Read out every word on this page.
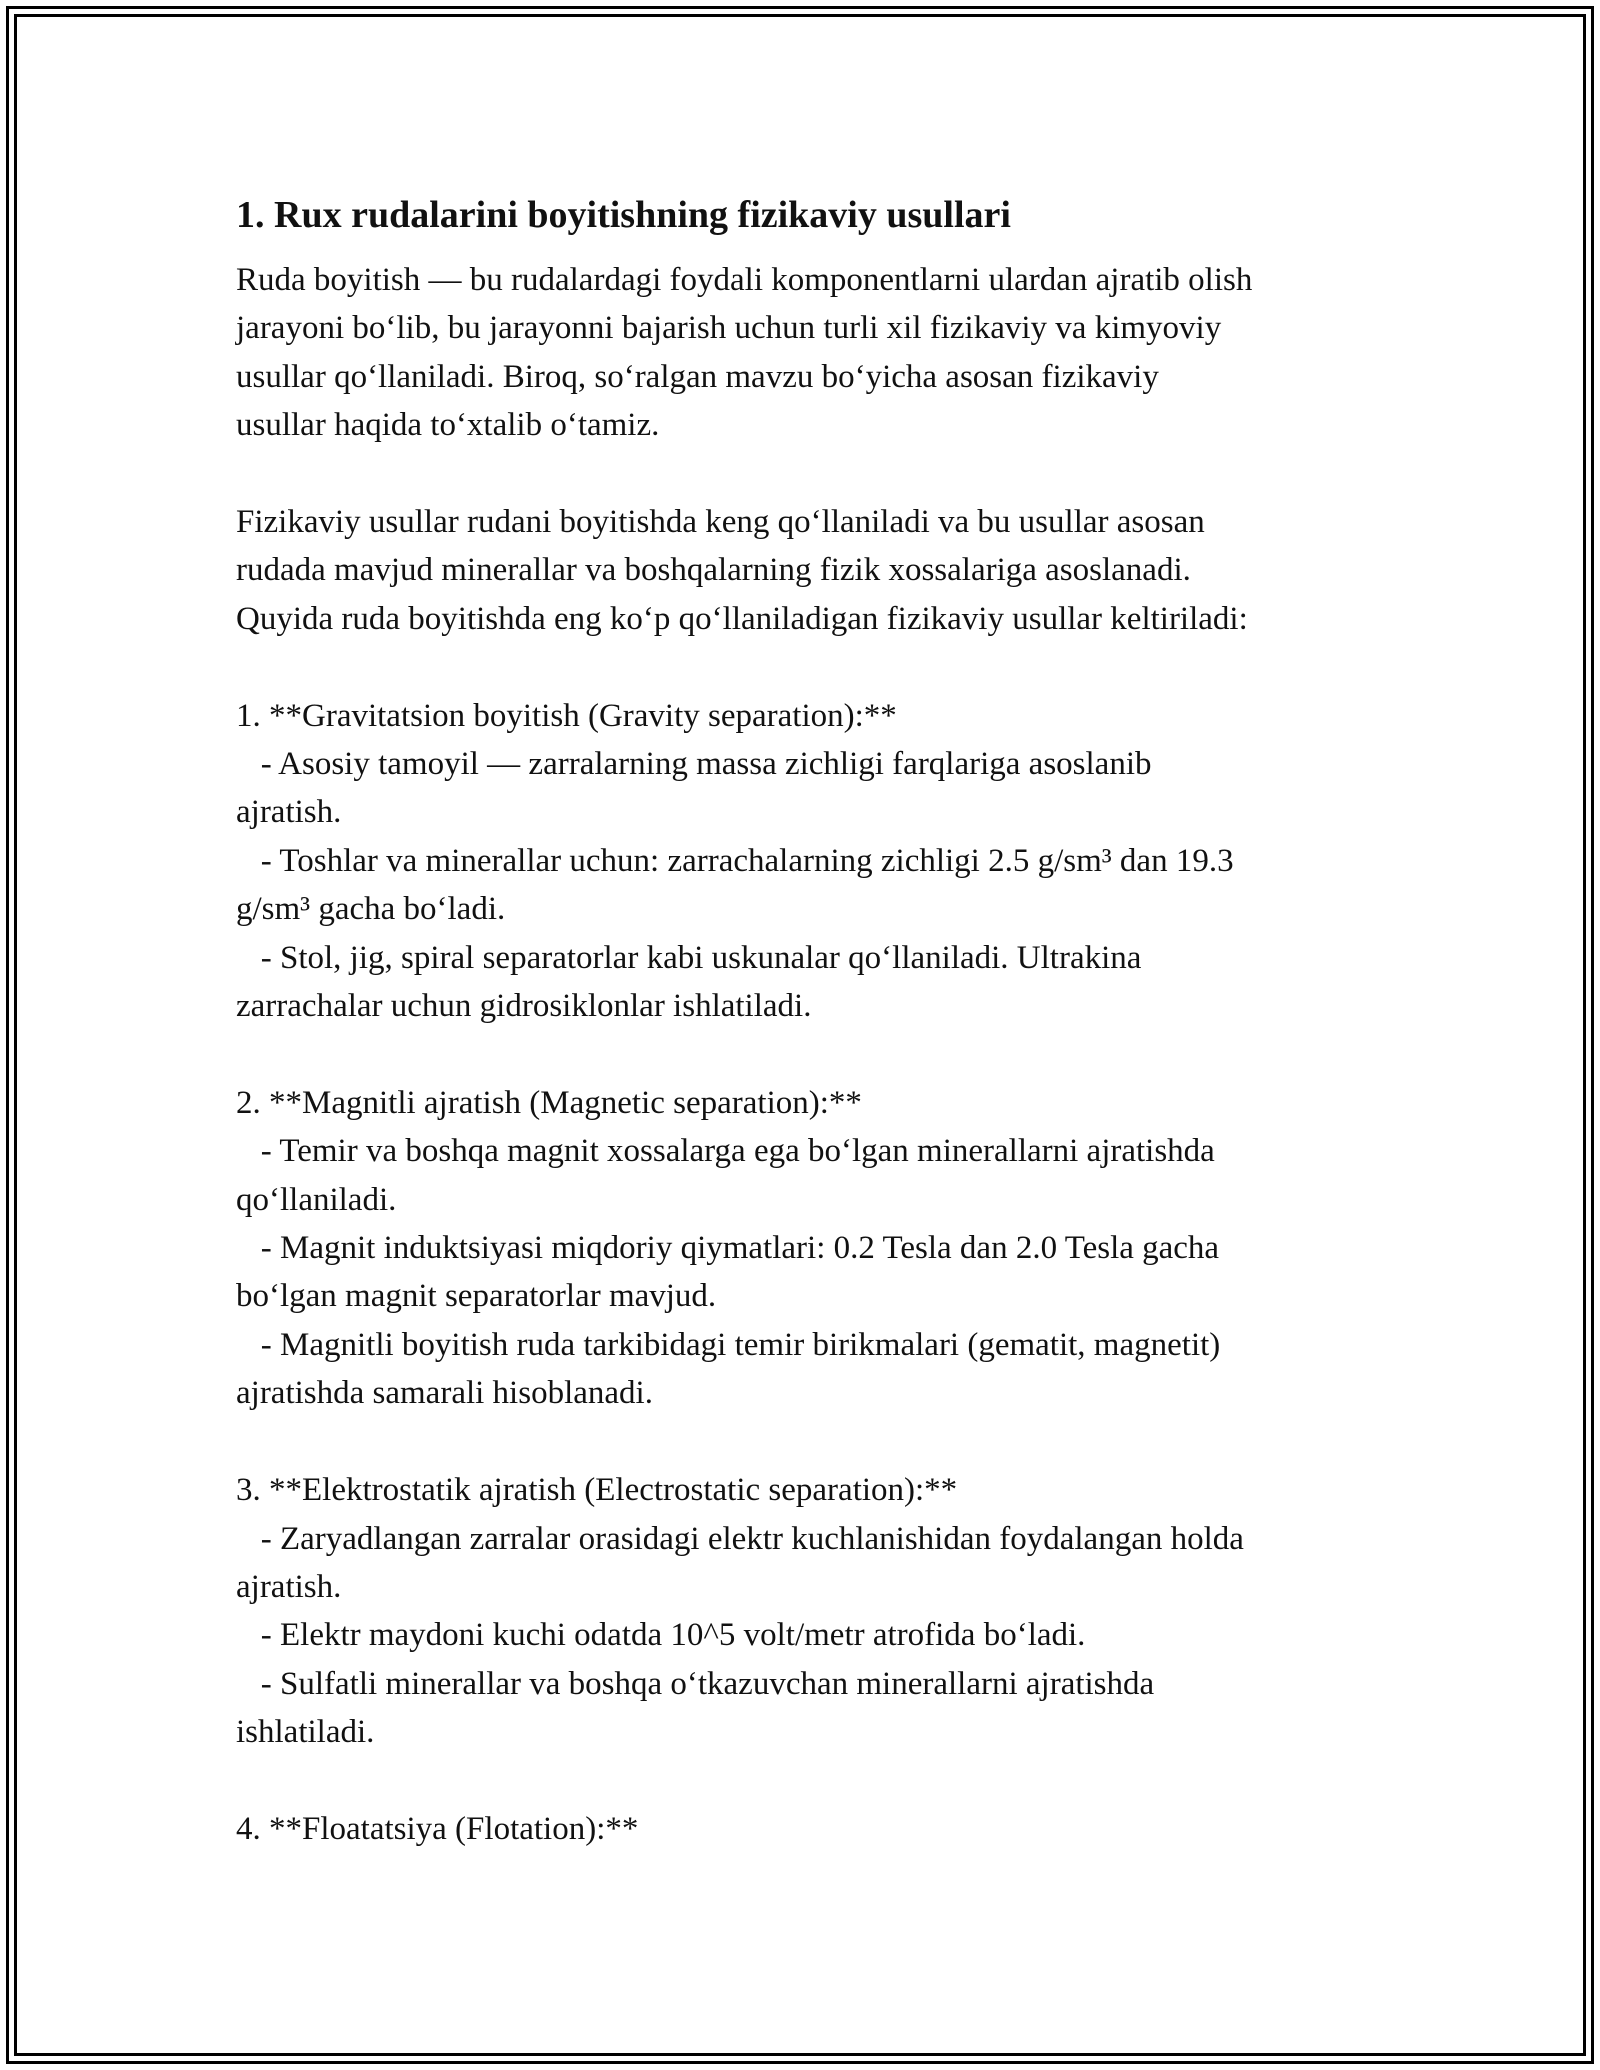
1. Rux rudalarini boyitishning fizikaviy usullari
Ruda boyitish — bu rudalardagi foydali komponentlarni ulardan ajratib olish
jarayoni bo‘lib, bu jarayonni bajarish uchun turli xil fizikaviy va kimyoviy
usullar qo‘llaniladi. Biroq, so‘ralgan mavzu bo‘yicha asosan fizikaviy
usullar haqida to‘xtalib o‘tamiz.
Fizikaviy usullar rudani boyitishda keng qo‘llaniladi va bu usullar asosan
rudada mavjud minerallar va boshqalarning fizik xossalariga asoslanadi.
Quyida ruda boyitishda eng ko‘p qo‘llaniladigan fizikaviy usullar keltiriladi:
1. **Gravitatsion boyitish (Gravity separation):**
- Asosiy tamoyil — zarralarning massa zichligi farqlariga asoslanib
ajratish.
- Toshlar va minerallar uchun: zarrachalarning zichligi 2.5 g/sm³ dan 19.3
g/sm³ gacha bo‘ladi.
- Stol, jig, spiral separatorlar kabi uskunalar qo‘llaniladi. Ultrakina
zarrachalar uchun gidrosiklonlar ishlatiladi.
2. **Magnitli ajratish (Magnetic separation):**
- Temir va boshqa magnit xossalarga ega bo‘lgan minerallarni ajratishda
qo‘llaniladi.
- Magnit induktsiyasi miqdoriy qiymatlari: 0.2 Tesla dan 2.0 Tesla gacha
bo‘lgan magnit separatorlar mavjud.
- Magnitli boyitish ruda tarkibidagi temir birikmalari (gematit, magnetit)
ajratishda samarali hisoblanadi.
3. **Elektrostatik ajratish (Electrostatic separation):**
- Zaryadlangan zarralar orasidagi elektr kuchlanishidan foydalangan holda
ajratish.
- Elektr maydoni kuchi odatda 10^5 volt/metr atrofida bo‘ladi.
- Sulfatli minerallar va boshqa o‘tkazuvchan minerallarni ajratishda
ishlatiladi.
4. **Floatatsiya (Flotation):**
